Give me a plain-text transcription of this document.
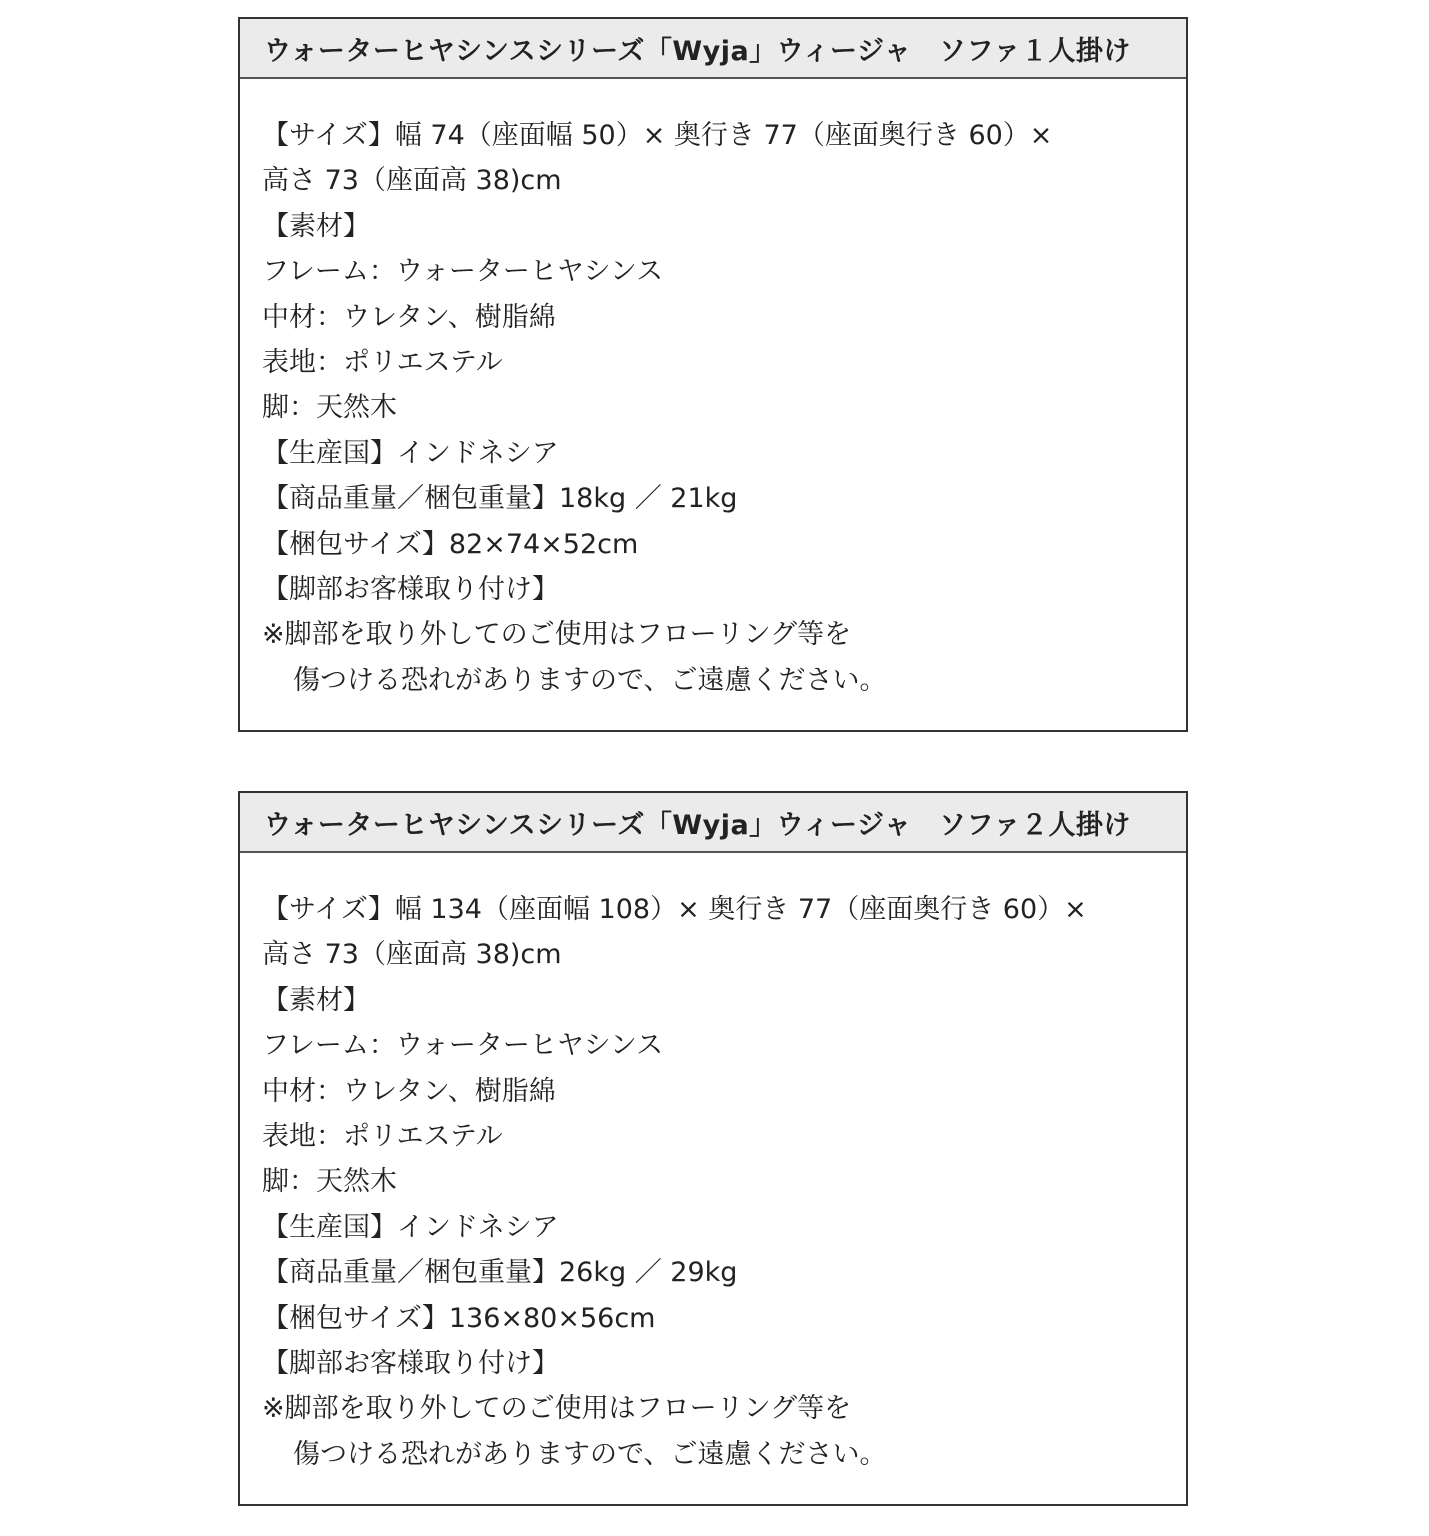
ウォーターヒヤシンスシリーズ「Wyja」ウィージャ　ソファ１人掛け
【サイズ】幅 74（座面幅 50）× 奥行き 77（座面奥行き 60）×
高さ 73（座面高 38)cm
【素材】
フレーム：ウォーターヒヤシンス
中材：ウレタン、樹脂綿
表地：ポリエステル
脚：天然木
【生産国】インドネシア
【商品重量／梱包重量】18kg ／ 21kg
【梱包サイズ】82×74×52cm
【脚部お客様取り付け】
※脚部を取り外してのご使用はフローリング等を
傷つける恐れがありますので、ご遠慮ください。
ウォーターヒヤシンスシリーズ「Wyja」ウィージャ　ソファ２人掛け
【サイズ】幅 134（座面幅 108）× 奥行き 77（座面奥行き 60）×
高さ 73（座面高 38)cm
【素材】
フレーム：ウォーターヒヤシンス
中材：ウレタン、樹脂綿
表地：ポリエステル
脚：天然木
【生産国】インドネシア
【商品重量／梱包重量】26kg ／ 29kg
【梱包サイズ】136×80×56cm
【脚部お客様取り付け】
※脚部を取り外してのご使用はフローリング等を
傷つける恐れがありますので、ご遠慮ください。
